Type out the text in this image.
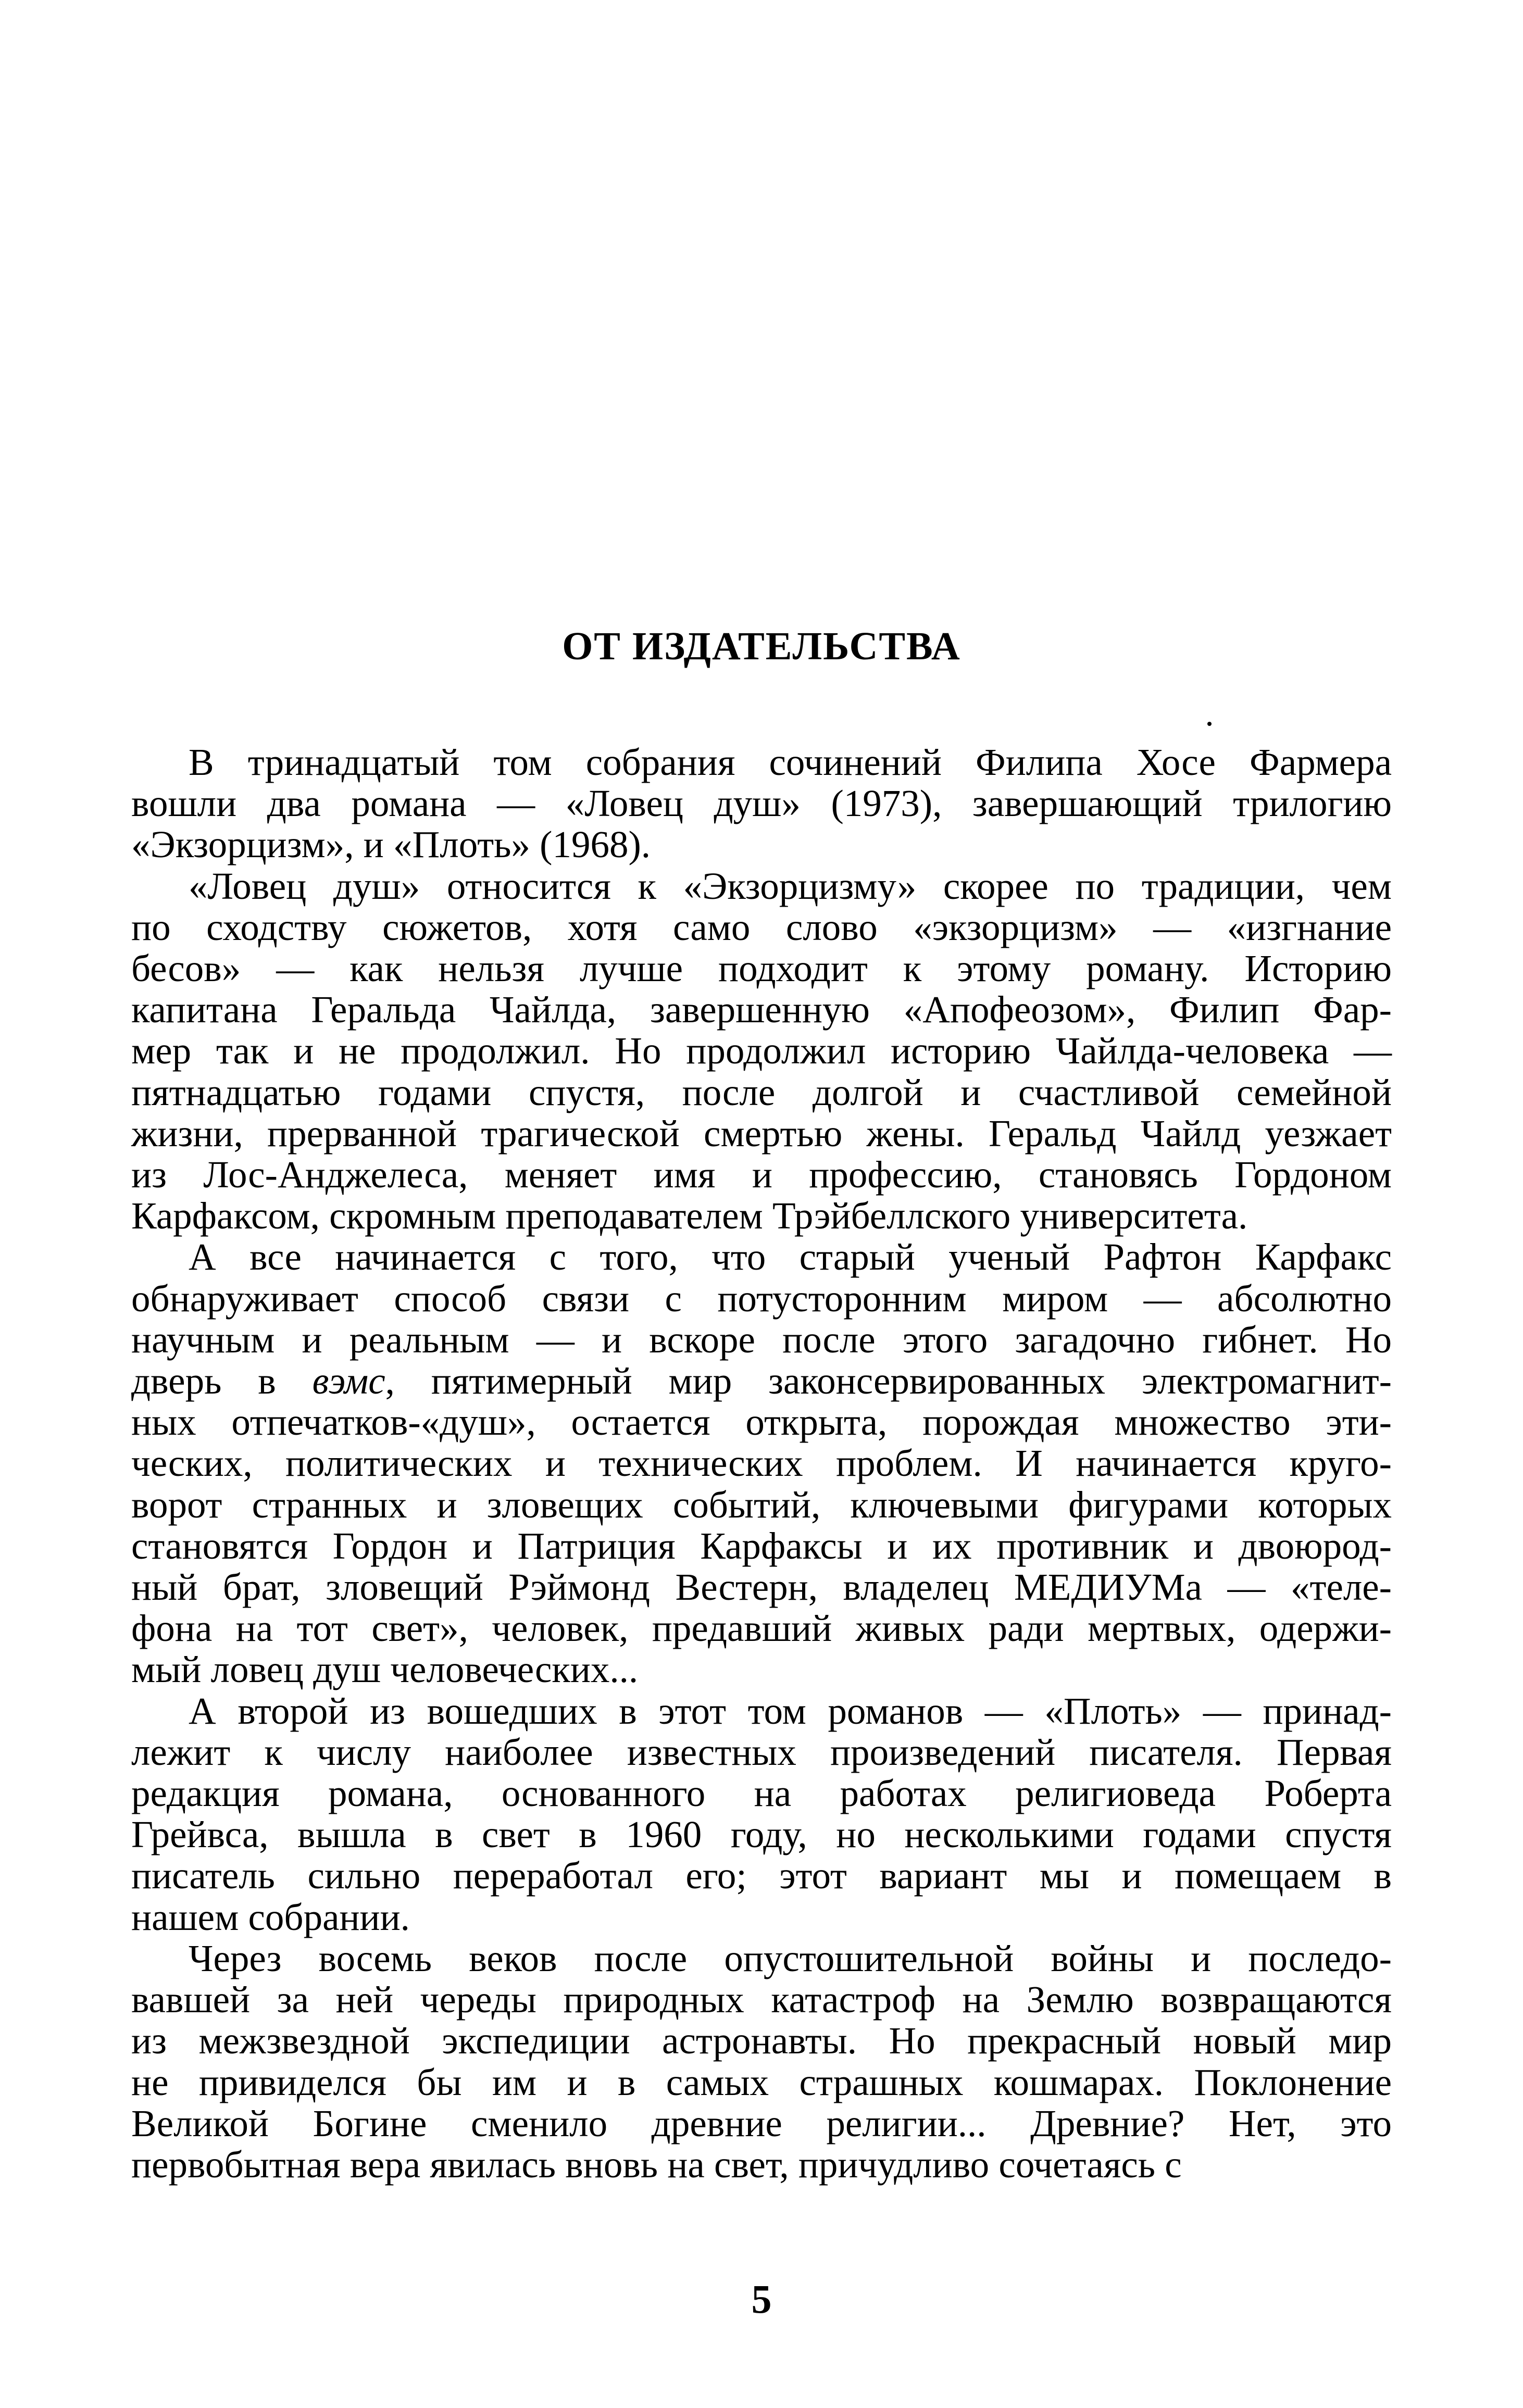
ОТ ИЗДАТЕЛЬСТВА
В тринадцатый том собрания сочинений Филипа Хосе Фармера
вошли два романа — «Ловец душ» (1973), завершающий трилогию
«Экзорцизм», и «Плоть» (1968).
«Ловец душ» относится к «Экзорцизму» скорее по традиции, чем
по сходству сюжетов, хотя само слово «экзорцизм» — «изгнание
бесов» — как нельзя лучше подходит к этому роману. Историю
капитана Геральда Чайлда, завершенную «Апофеозом», Филип Фар-
мер так и не продолжил. Но продолжил историю Чайлда-человека —
пятнадцатью годами спустя, после долгой и счастливой семейной
жизни, прерванной трагической смертью жены. Геральд Чайлд уезжает
из Лос-Анджелеса, меняет имя и профессию, становясь Гордоном
Карфаксом, скромным преподавателем Трэйбеллского университета.
А все начинается с того, что старый ученый Рафтон Карфакс
обнаруживает способ связи с потусторонним миром — абсолютно
научным и реальным — и вскоре после этого загадочно гибнет. Но
дверь в вэмс, пятимерный мир законсервированных электромагнит-
ных отпечатков-«душ», остается открыта, порождая множество эти-
ческих, политических и технических проблем. И начинается круго-
ворот странных и зловещих событий, ключевыми фигурами которых
становятся Гордон и Патриция Карфаксы и их противник и двоюрод-
ный брат, зловещий Рэймонд Вестерн, владелец МЕДИУМа — «теле-
фона на тот свет», человек, предавший живых ради мертвых, одержи-
мый ловец душ человеческих...
А второй из вошедших в этот том романов — «Плоть» — принад-
лежит к числу наиболее известных произведений писателя. Первая
редакция романа, основанного на работах религиоведа Роберта
Грейвса, вышла в свет в 1960 году, но несколькими годами спустя
писатель сильно переработал его; этот вариант мы и помещаем в
нашем собрании.
Через восемь веков после опустошительной войны и последо-
вавшей за ней череды природных катастроф на Землю возвращаются
из межзвездной экспедиции астронавты. Но прекрасный новый мир
не привиделся бы им и в самых страшных кошмарах. Поклонение
Великой Богине сменило древние религии... Древние? Нет, это
первобытная вера явилась вновь на свет, причудливо сочетаясь с
5
